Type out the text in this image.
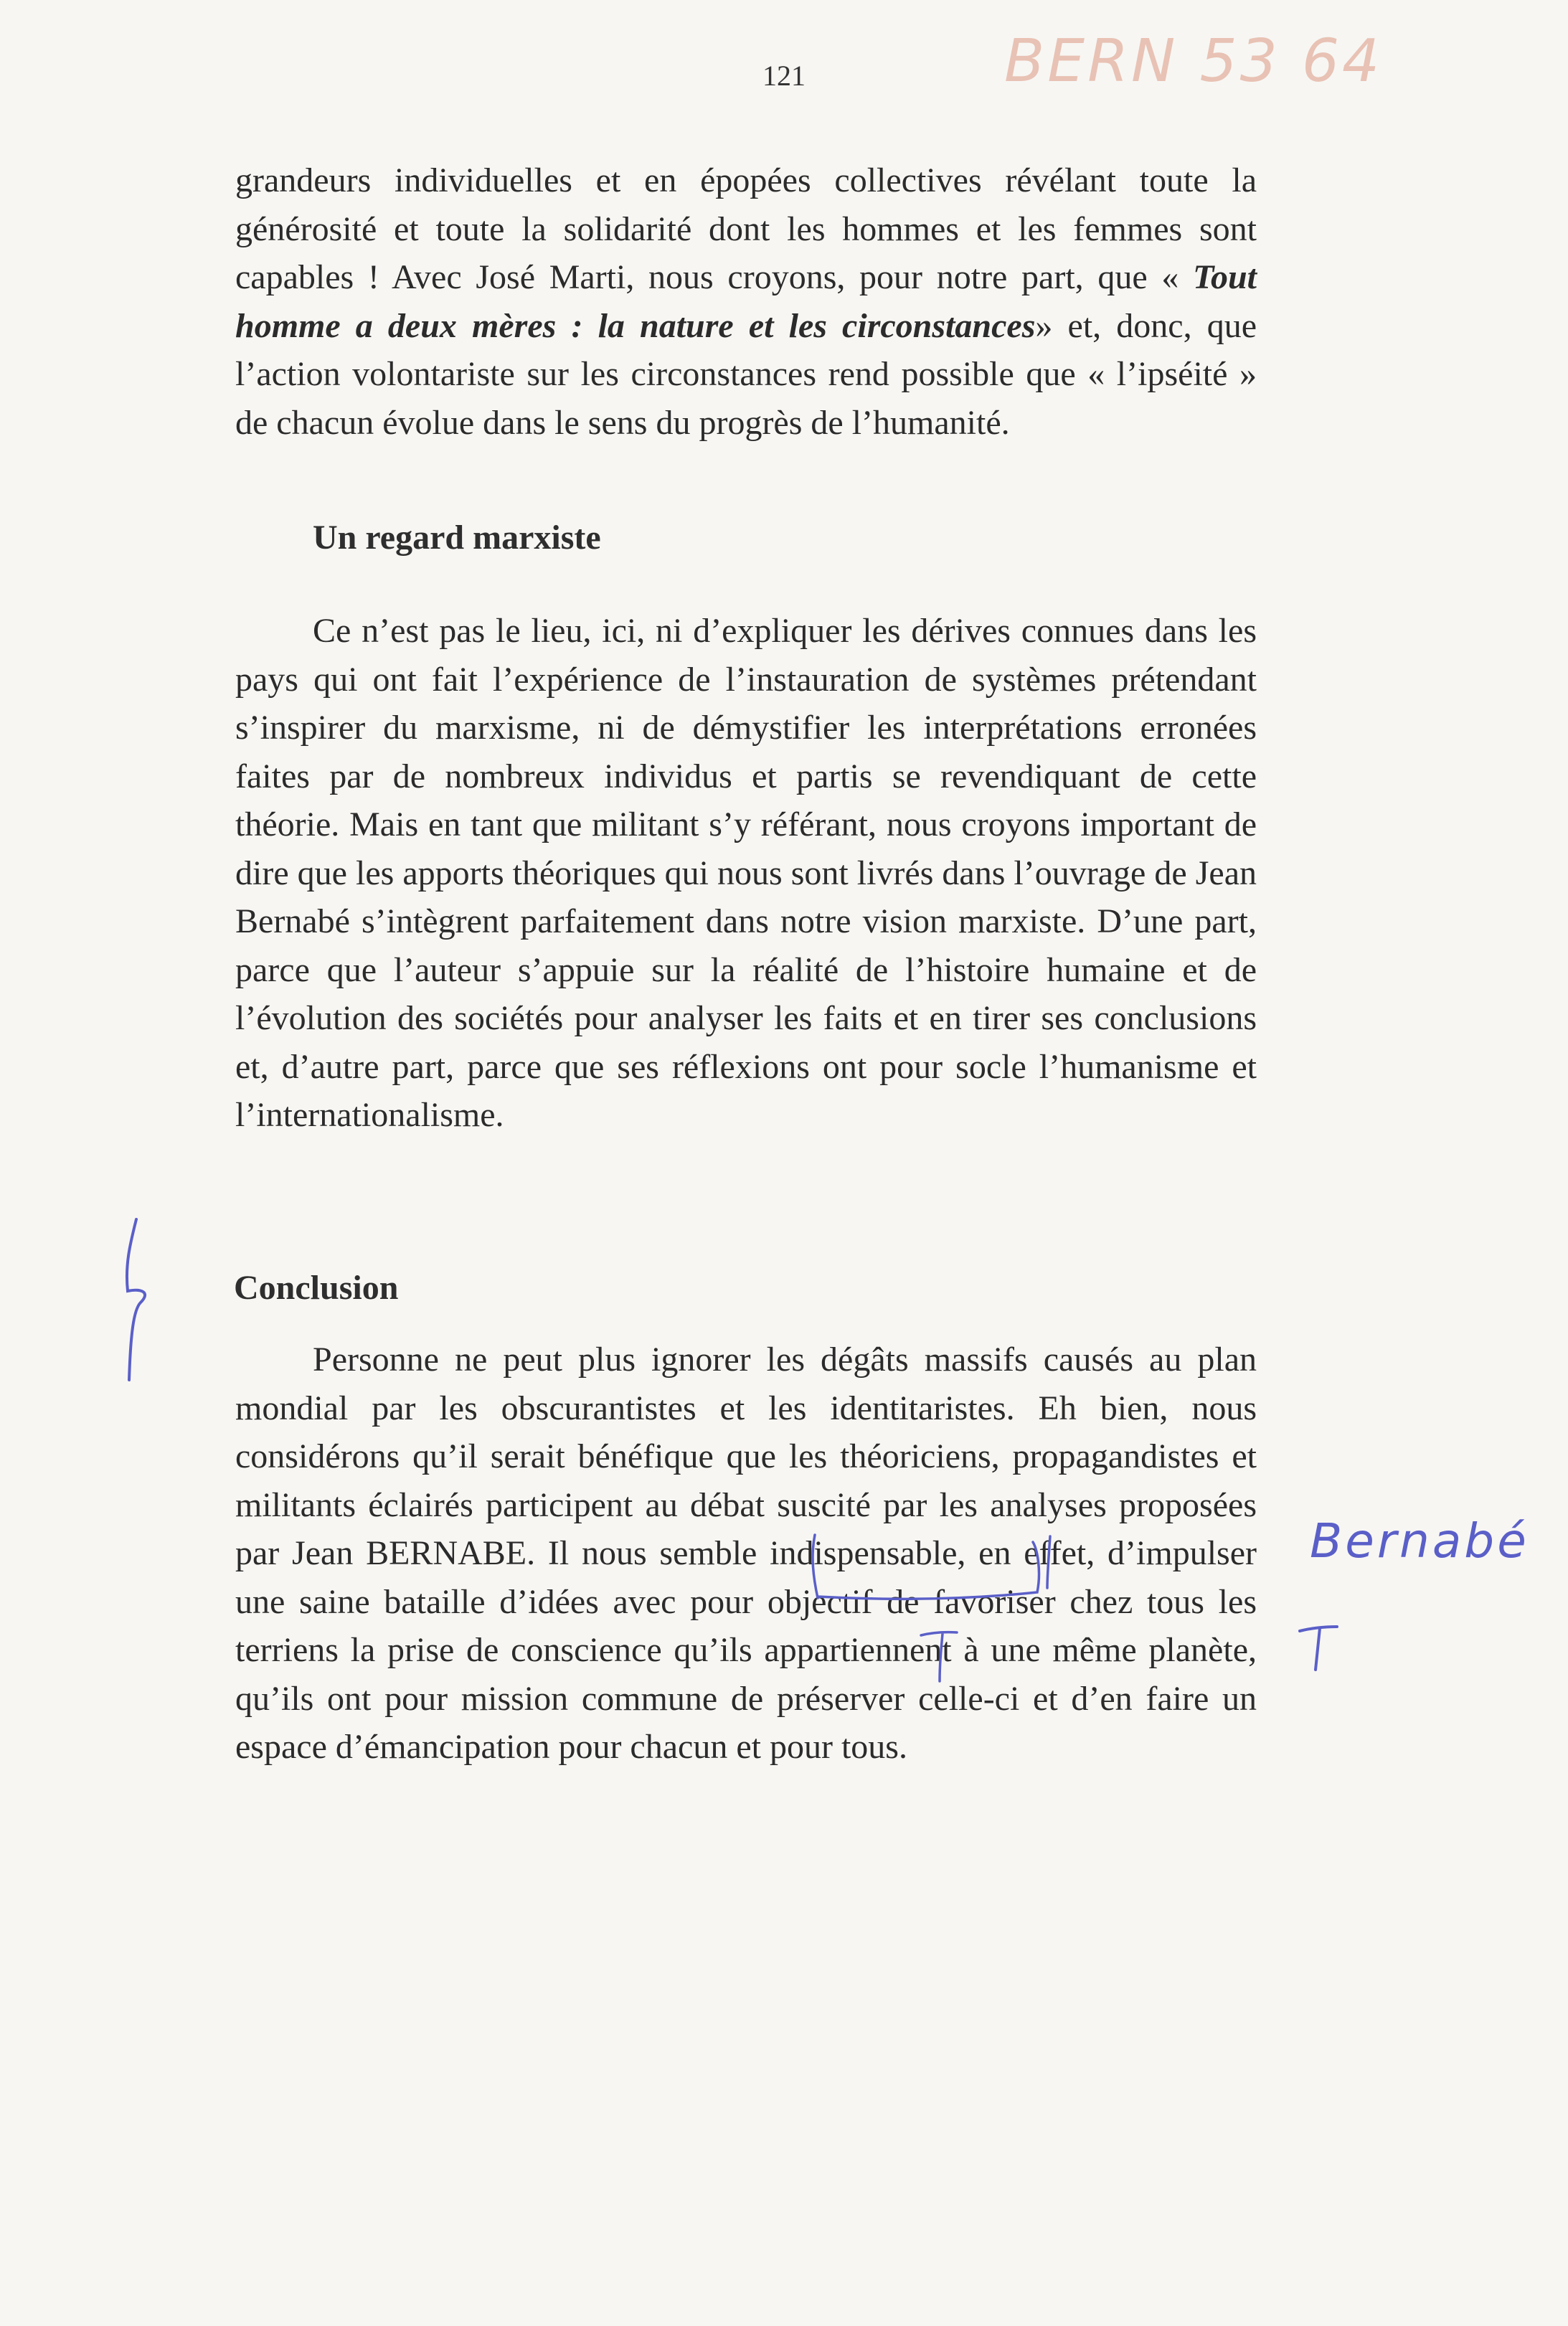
121	BERN 53 64

grandeurs individuelles et en épopées collectives révélant toute la générosité et toute la solidarité dont les hommes et les femmes sont capables ! Avec José Marti, nous croyons, pour notre part, que « Tout homme a deux mères : la nature et les circonstances» et, donc, que l’action volontariste sur les circonstances rend possible que « l’ipséité » de chacun évolue dans le sens du progrès de l’humanité.

Un regard marxiste

Ce n’est pas le lieu, ici, ni d’expliquer les dérives connues dans les pays qui ont fait l’expérience de l’instauration de systèmes prétendant s’inspirer du marxisme, ni de démystifier les interprétations erronées faites par de nombreux individus et partis se revendiquant de cette théorie. Mais en tant que militant s’y référant, nous croyons important de dire que les apports théoriques qui nous sont livrés dans l’ouvrage de Jean Bernabé s’intègrent parfaitement dans notre vision marxiste. D’une part, parce que l’auteur s’appuie sur la réalité de l’histoire humaine et de l’évolution des sociétés pour analyser les faits et en tirer ses conclusions et, d’autre part, parce que ses réflexions ont pour socle l’humanisme et l’internationalisme.

Conclusion

Personne ne peut plus ignorer les dégâts massifs causés au plan mondial par les obscurantistes et les identitaristes. Eh bien, nous considérons qu’il serait bénéfique que les théoriciens, propagandistes et militants éclairés participent au débat suscité par les analyses proposées par Jean BERNABE. Il nous semble indispensable, en effet, d’impulser une saine bataille d’idées avec pour objectif de favoriser chez tous les terriens la prise de conscience qu’ils appartiennent à une même planète, qu’ils ont pour mission commune de préserver celle-ci et d’en faire un espace d’émancipation pour chacun et pour tous.

Bernabé
